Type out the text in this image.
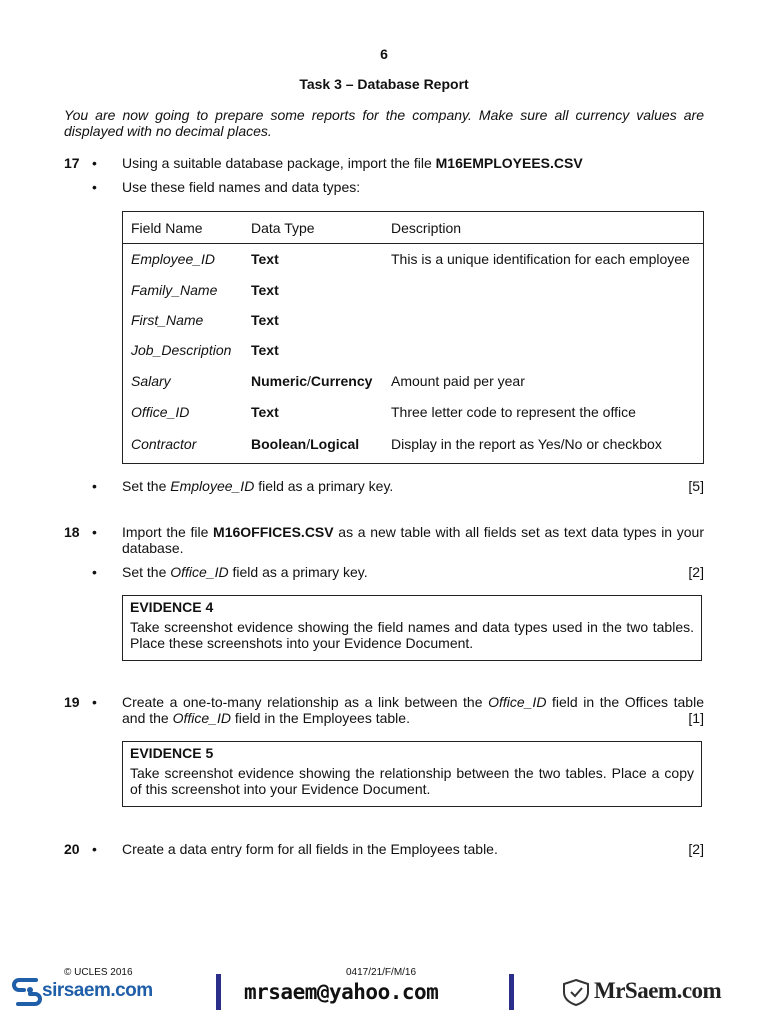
6
Task 3 – Database Report
You are now going to prepare some reports for the company. Make sure all currency values are displayed with no decimal places.
17 • Using a suitable database package, import the file M16EMPLOYEES.CSV
• Use these field names and data types:
Field Name	Data Type	Description
Employee_ID	Text	This is a unique identification for each employee
Family_Name Text
First_Name	Text
Job_Description Text
Salary	Numeric/Currency Amount paid per year
Office_ID	Text	Three letter code to represent the office
Contractor	Boolean/Logical Display in the report as Yes/No or checkbox
• Set the Employee_ID field as a primary key.	[5]
18 • Import the file M16OFFICES.CSV as a new table with all fields set as text data types in your
database.
• Set the Office_ID field as a primary key.	[2]
EVIDENCE 4
Take screenshot evidence showing the field names and data types used in the two tables. Place these screenshots into your Evidence Document.
19 • Create a one-to-many relationship as a link between the Office_ID field in the Offices table
and the Office_ID field in the Employees table.	[1]
EVIDENCE 5
Take screenshot evidence showing the relationship between the two tables. Place a copy of this screenshot into your Evidence Document.
20 • Create a data entry form for all fields in the Employees table.	[2]
© UCLES 2016	0417/21/F/M/16
sirsaem.com	mrsaem@yahoo.com	MrSaem.com
